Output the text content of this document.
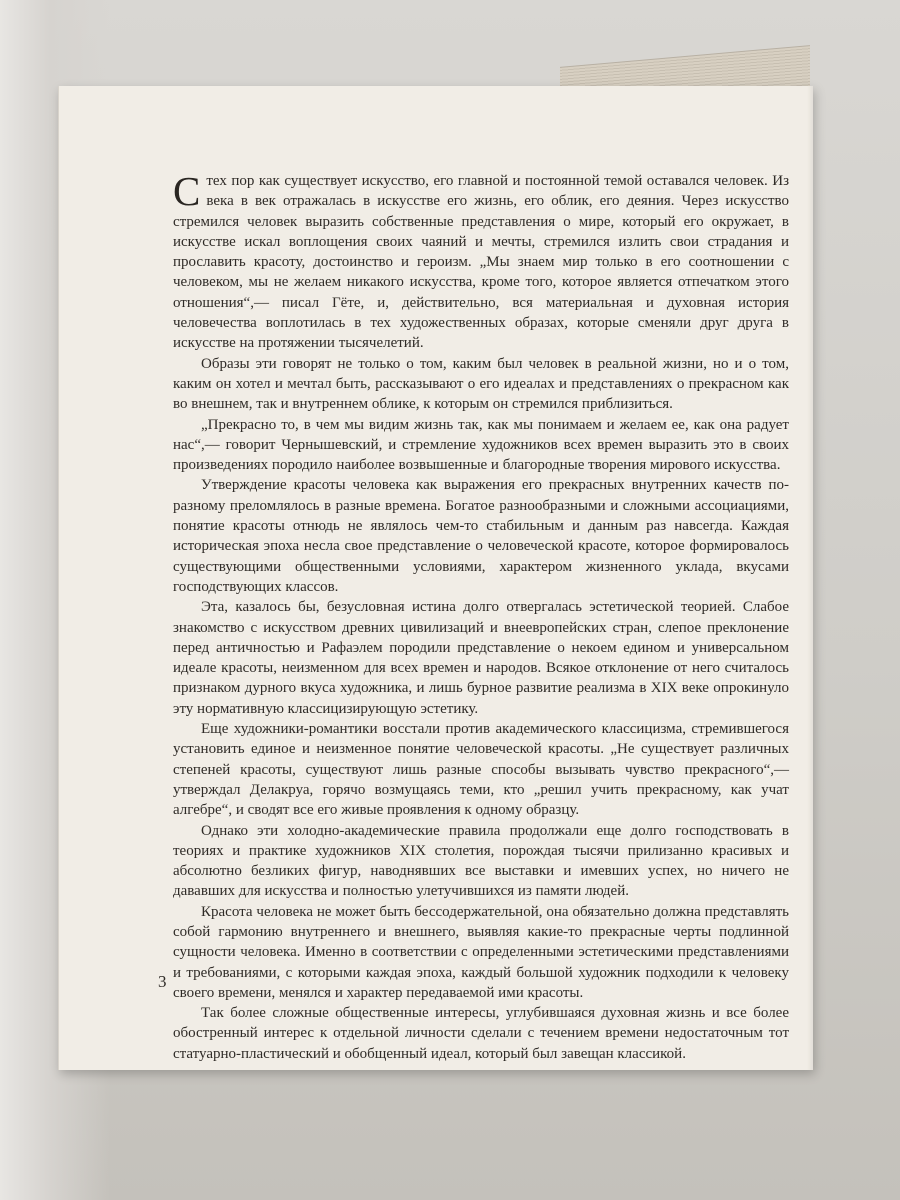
С тех пор как существует искусство, его главной и постоянной темой оставался человек. Из века в век отражалась в искусстве его жизнь, его облик, его деяния. Через искусство стремился человек выразить собственные представления о мире, который его окружает, в искусстве искал воплощения своих чаяний и мечты, стремился излить свои страдания и прославить красоту, достоинство и героизм. „Мы знаем мир только в его соотношении с человеком, мы не желаем никакого искусства, кроме того, которое является отпечатком этого отношения“,— писал Гёте, и, действительно, вся материальная и духовная история человечества воплотилась в тех художественных образах, которые сменяли друг друга в искусстве на протяжении тысячелетий.

Образы эти говорят не только о том, каким был человек в реальной жизни, но и о том, каким он хотел и мечтал быть, рассказывают о его идеалах и представлениях о прекрасном как во внешнем, так и внутреннем облике, к которым он стремился приблизиться.

„Прекрасно то, в чем мы видим жизнь так, как мы понимаем и желаем ее, как она радует нас“,— говорит Чернышевский, и стремление художников всех времен выразить это в своих произведениях породило наиболее возвышенные и благородные творения мирового искусства.

Утверждение красоты человека как выражения его прекрасных внутренних качеств по-разному преломлялось в разные времена. Богатое разнообразными и сложными ассоциациями, понятие красоты отнюдь не являлось чем-то стабильным и данным раз навсегда. Каждая историческая эпоха несла свое представление о человеческой красоте, которое формировалось существующими общественными условиями, характером жизненного уклада, вкусами господствующих классов.

Эта, казалось бы, безусловная истина долго отвергалась эстетической теорией. Слабое знакомство с искусством древних цивилизаций и внеевропейских стран, слепое преклонение перед античностью и Рафаэлем породили представление о некоем едином и универсальном идеале красоты, неизменном для всех времен и народов. Всякое отклонение от него считалось признаком дурного вкуса художника, и лишь бурное развитие реализма в XIX веке опрокинуло эту нормативную классицизирующую эстетику.

Еще художники-романтики восстали против академического классицизма, стремившегося установить единое и неизменное понятие человеческой красоты. „Не существует различных степеней красоты, существуют лишь разные способы вызывать чувство прекрасного“,— утверждал Делакруа, горячо возмущаясь теми, кто „решил учить прекрасному, как учат алгебре“, и сводят все его живые проявления к одному образцу.

Однако эти холодно-академические правила продолжали еще долго господствовать в теориях и практике художников XIX столетия, порождая тысячи прилизанно красивых и абсолютно безликих фигур, наводнявших все выставки и имевших успех, но ничего не дававших для искусства и полностью улетучившихся из памяти людей.

Красота человека не может быть бессодержательной, она обязательно должна представлять собой гармонию внутреннего и внешнего, выявляя какие-то прекрасные черты подлинной сущности человека. Именно в соответствии с определенными эстетическими представлениями и требованиями, с которыми каждая эпоха, каждый большой художник подходили к человеку своего времени, менялся и характер передаваемой ими красоты.

Так более сложные общественные интересы, углубившаяся духовная жизнь и все более обостренный интерес к отдельной личности сделали с течением времени недостаточным тот статуарно-пластический и обобщенный идеал, который был завещан классикой.

3
